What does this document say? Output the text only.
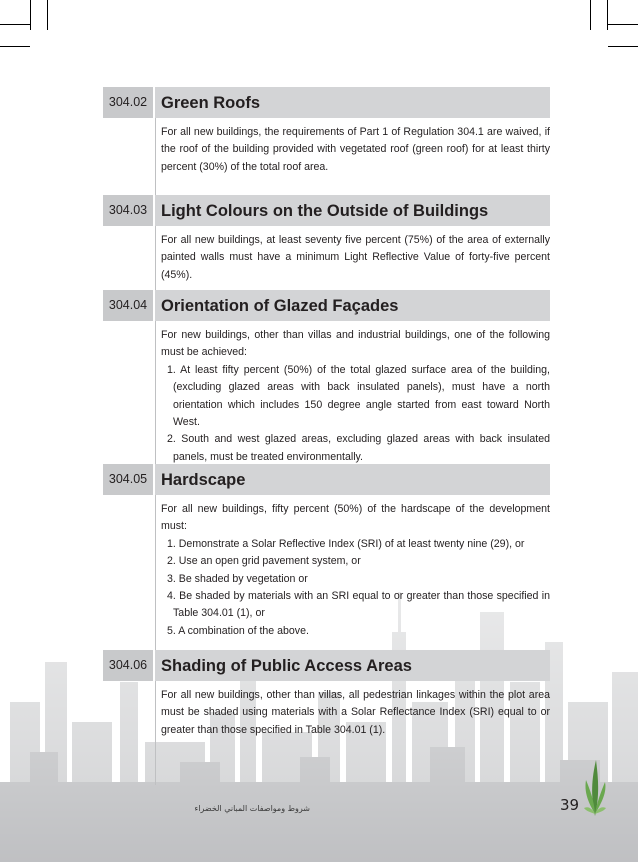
304.02 Green Roofs
For all new buildings, the requirements of Part 1 of Regulation 304.1 are waived, if the roof of the building provided with vegetated roof (green roof) for at least thirty percent (30%) of the total roof area.
304.03 Light Colours on the Outside of Buildings
For all new buildings, at least seventy five percent (75%) of the area of externally painted walls must have a minimum Light Reflective Value of forty-five percent (45%).
304.04 Orientation of Glazed Façades
For new buildings, other than villas and industrial buildings, one of the following must be achieved:
1. At least fifty percent (50%) of the total glazed surface area of the building, (excluding glazed areas with back insulated panels), must have a north orientation which includes 150 degree angle started from east toward North West.
2. South and west glazed areas, excluding glazed areas with back insulated panels, must be treated environmentally.
304.05 Hardscape
For all new buildings, fifty percent (50%) of the hardscape of the development must:
1. Demonstrate a Solar Reflective Index (SRI) of at least twenty nine (29), or
2. Use an open grid pavement system, or
3. Be shaded by vegetation or
4. Be shaded by materials with an SRI equal to or greater than those specified in Table 304.01 (1), or
5. A combination of the above.
304.06 Shading of Public Access Areas
For all new buildings, other than villas, all pedestrian linkages within the plot area must be shaded using materials with a Solar Reflectance Index (SRI) equal to or greater than those specified in Table 304.01 (1).
شروط ومواصفات المباني الخضراء	39
